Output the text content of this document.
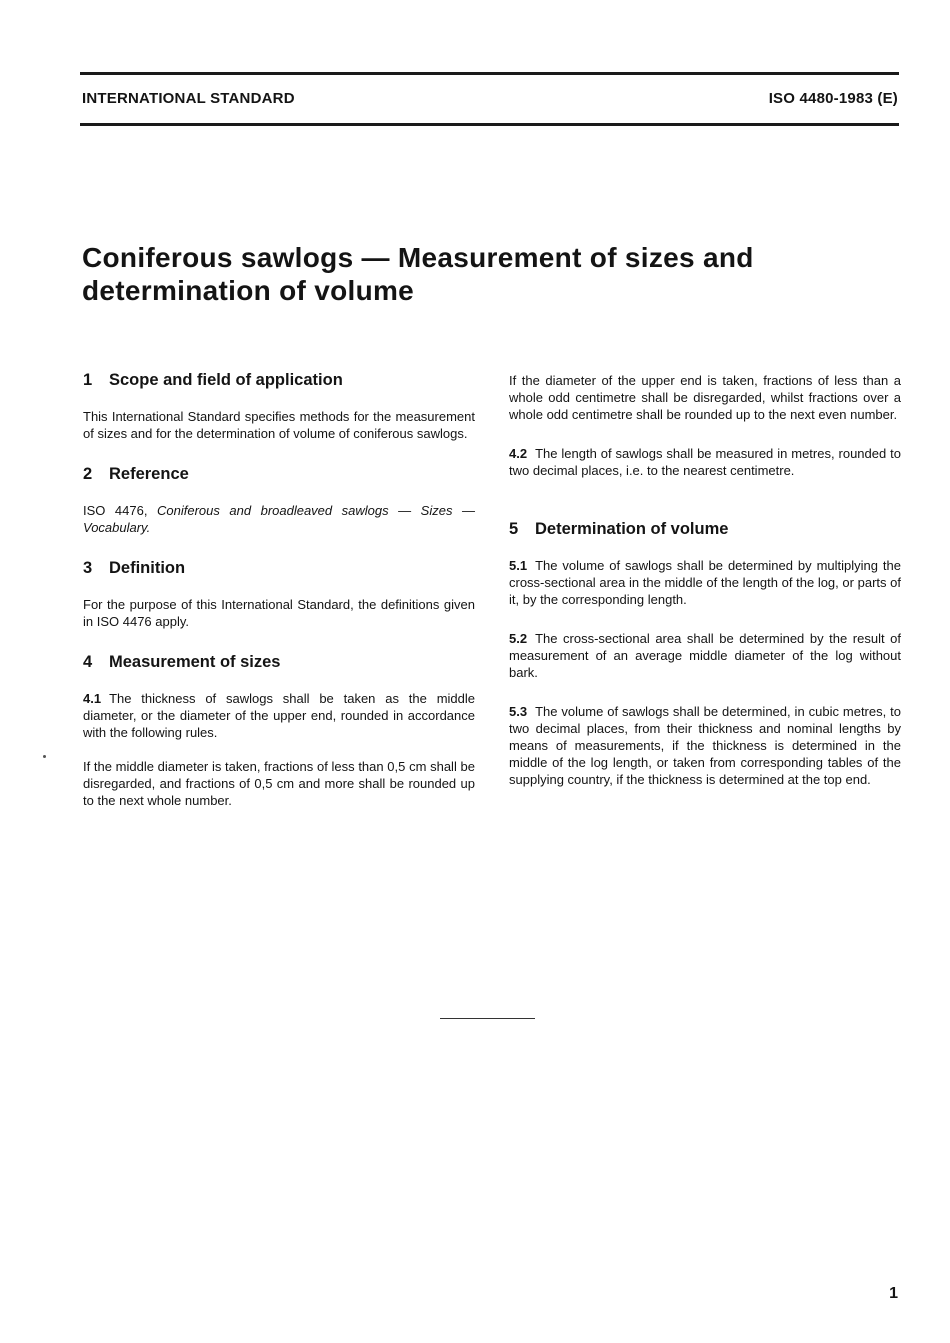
INTERNATIONAL STANDARD	ISO 4480-1983 (E)
Coniferous sawlogs — Measurement of sizes and
determination of volume
1 Scope and field of application

This International Standard specifies methods for the measurement of sizes and for the determination of volume of coniferous sawlogs.

2 Reference

ISO 4476, Coniferous and broadleaved sawlogs — Sizes — Vocabulary.

3 Definition

For the purpose of this International Standard, the definitions given in ISO 4476 apply.

4 Measurement of sizes

4.1 The thickness of sawlogs shall be taken as the middle diameter, or the diameter of the upper end, rounded in accordance with the following rules.

If the middle diameter is taken, fractions of less than 0,5 cm shall be disregarded, and fractions of 0,5 cm and more shall be rounded up to the next whole number.

If the diameter of the upper end is taken, fractions of less than a whole odd centimetre shall be disregarded, whilst fractions over a whole odd centimetre shall be rounded up to the next even number.

4.2 The length of sawlogs shall be measured in metres, rounded to two decimal places, i.e. to the nearest centimetre.

5 Determination of volume

5.1 The volume of sawlogs shall be determined by multiplying the cross-sectional area in the middle of the length of the log, or parts of it, by the corresponding length.

5.2 The cross-sectional area shall be determined by the result of measurement of an average middle diameter of the log without bark.

5.3 The volume of sawlogs shall be determined, in cubic metres, to two decimal places, from their thickness and nominal lengths by means of measurements, if the thickness is determined in the middle of the log length, or taken from corresponding tables of the supplying country, if the thickness is determined at the top end.

1
